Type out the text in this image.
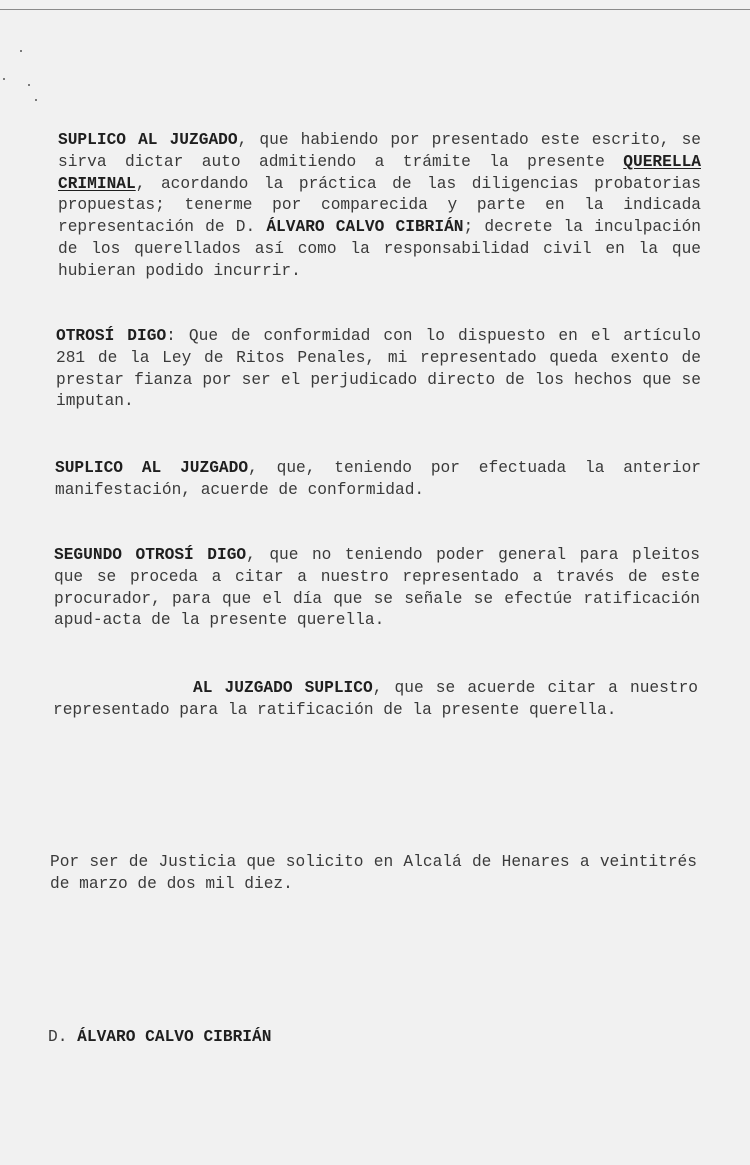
SUPLICO AL JUZGADO, que habiendo por presentado este escrito, se sirva dictar auto admitiendo a trámite la presente QUERELLA CRIMINAL, acordando la práctica de las diligencias probatorias propuestas; tenerme por comparecida y parte en la indicada representación de D. ÁLVARO CALVO CIBRIÁN; decrete la inculpación de los querellados así como la responsabilidad civil en la que hubieran podido incurrir.
OTROSÍ DIGO: Que de conformidad con lo dispuesto en el artículo 281 de la Ley de Ritos Penales, mi representado queda exento de prestar fianza por ser el perjudicado directo de los hechos que se imputan.
SUPLICO AL JUZGADO, que, teniendo por efectuada la anterior manifestación, acuerde de conformidad.
SEGUNDO OTROSÍ DIGO, que no teniendo poder general para pleitos que se proceda a citar a nuestro representado a través de este procurador, para que el día que se señale se efectúe ratificación apud-acta de la presente querella.
AL JUZGADO SUPLICO, que se acuerde citar a nuestro representado para la ratificación de la presente querella.
Por ser de Justicia que solicito en Alcalá de Henares a veintitrés de marzo de dos mil diez.
D. ÁLVARO CALVO CIBRIÁN
